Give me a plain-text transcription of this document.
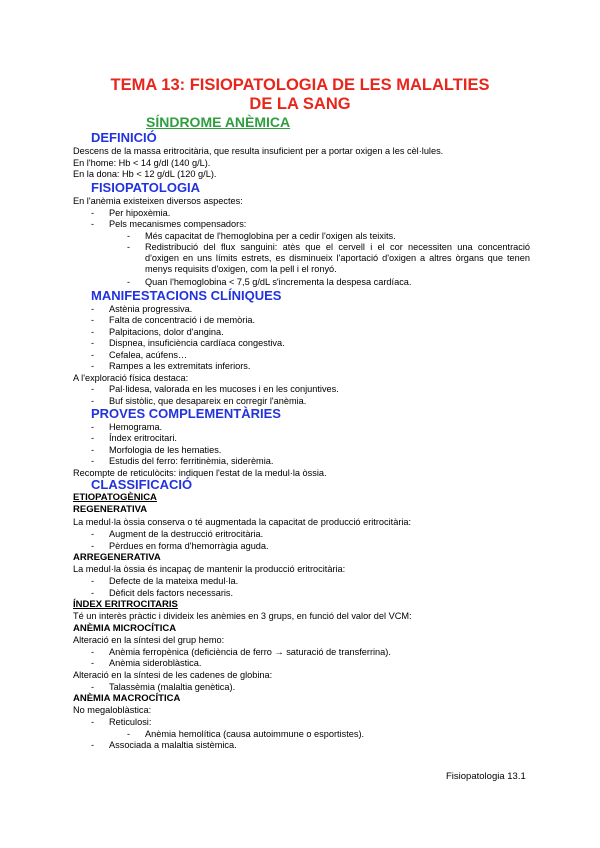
TEMA 13: FISIOPATOLOGIA DE LES MALALTIES
DE LA SANG
SÍNDROME ANÈMICA
DEFINICIÓ
Descens de la massa eritrocitària, que resulta insuficient per a portar oxigen a les cèl·lules.
En l'home: Hb < 14 g/dl (140 g/L).
En la dona: Hb < 12 g/dL (120 g/L).
FISIOPATOLOGIA
En l'anèmia existeixen diversos aspectes:
- Per hipoxèmia.
- Pels mecanismes compensadors:
- Més capacitat de l'hemoglobina per a cedir l'oxigen als teixits.
- Redistribució del flux sanguini: atès que el cervell i el cor necessiten una concentració d'oxigen en uns límits estrets, es disminueix l'aportació d'oxigen a altres òrgans que tenen menys requisits d'oxigen, com la pell i el ronyó.
- Quan l'hemoglobina < 7,5 g/dL s'incrementa la despesa cardíaca.
MANIFESTACIONS CLÍNIQUES
- Astènia progressiva.
- Falta de concentració i de memòria.
- Palpitacions, dolor d'angina.
- Dispnea, insuficiència cardíaca congestiva.
- Cefalea, acúfens…
- Rampes a les extremitats inferiors.
A l'exploració física destaca:
- Pal·lidesa, valorada en les mucoses i en les conjuntives.
- Buf sistòlic, que desapareix en corregir l'anèmia.
PROVES COMPLEMENTÀRIES
- Hemograma.
- Índex eritrocitari.
- Morfologia de les hematies.
- Estudis del ferro: ferritinèmia, siderèmia.
Recompte de reticulòcits: indiquen l'estat de la medul·la òssia.
CLASSIFICACIÓ
ETIOPATOGÈNICA
REGENERATIVA
La medul·la òssia conserva o té augmentada la capacitat de producció eritrocitària:
- Augment de la destrucció eritrocitària.
- Pèrdues en forma d'hemorràgia aguda.
ARREGENERATIVA
La medul·la òssia és incapaç de mantenir la producció eritrocitària:
- Defecte de la mateixa medul·la.
- Dèficit dels factors necessaris.
ÍNDEX ERITROCITARIS
Té un interès pràctic i divideix les anèmies en 3 grups, en funció del valor del VCM:
ANÈMIA MICROCÍTICA
Alteració en la síntesi del grup hemo:
- Anèmia ferropènica (deficiència de ferro → saturació de transferrina).
- Anèmia sideroblàstica.
Alteració en la síntesi de les cadenes de globina:
- Talassèmia (malaltia genètica).
ANÈMIA MACROCÍTICA
No megaloblàstica:
- Reticulosi:
- Anèmia hemolítica (causa autoimmune o esportistes).
- Associada a malaltia sistèmica.
Fisiopatologia 13.1
